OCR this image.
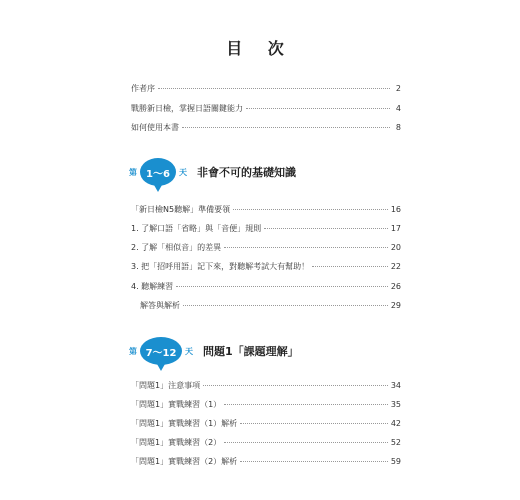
目 次
作者序	2
戰勝新日檢，掌握日語關鍵能力	4
如何使用本書	8
第 1〜6 天 非會不可的基礎知識
「新日檢N5聽解」準備要領	16
1. 了解口語「省略」與「音便」規則	17
2. 了解「相似音」的差異	20
3. 把「招呼用語」記下來，對聽解考試大有幫助！	22
4. 聽解練習	26
解答與解析	29
第 7〜12 天 問題1「課題理解」
「問題1」注意事項	34
「問題1」實戰練習（1）	35
「問題1」實戰練習（1）解析	42
「問題1」實戰練習（2）	52
「問題1」實戰練習（2）解析	59
